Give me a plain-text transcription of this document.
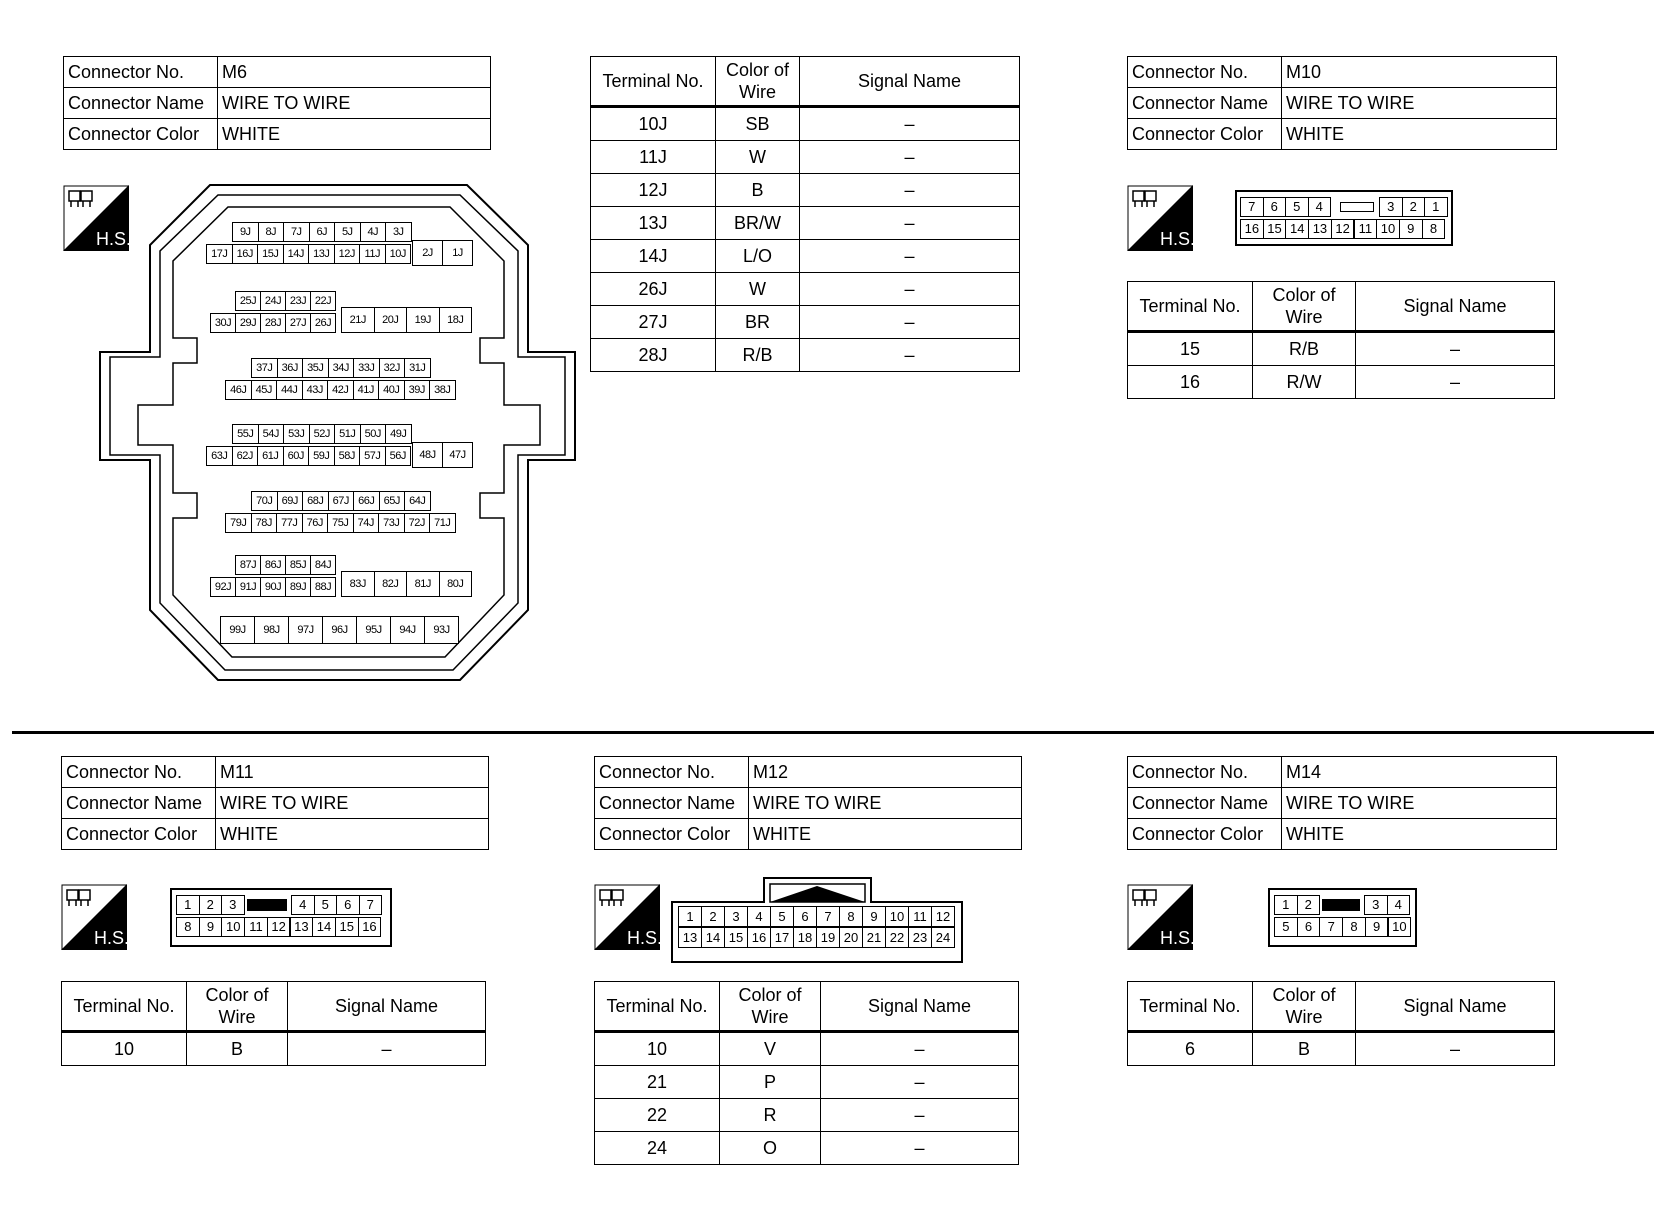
Connector No.	M6
Connector Name	WIRE TO WIRE
Connector Color	WHITE
H.S.	9J	8J	7J	6J	5J	4J	3J
17J 16J 15J 14J 13J 12J 11J 10J	2J	1J
25J 24J 23J 22J
30J 29J 28J 27J 26J	21J	20J	19J	18J
37J 36J 35J 34J 33J 32J 31J
46J 45J 44J 43J 42J 41J 40J 39J 38J
55J 54J 53J 52J 51J 50J 49J
63J 62J 61J 60J 59J 58J 57J 56J	48J	47J
70J 69J 68J 67J 66J 65J 64J
79J 78J 77J 76J 75J 74J 73J 72J 71J
87J 86J 85J 84J
92J 91J 90J 89J 88J	83J	82J	81J	80J
99J	98J	97J	96J	95J	94J	93J
Terminal No.	Color of Wire	Signal Name
10J	SB	–
11J	W	–
12J	B	–
13J	BR/W	–
14J	L/O	–
26J	W	–
27J	BR	–
28J	R/B	–
Connector No.	M10
Connector Name	WIRE TO WIRE
Connector Color	WHITE
H.S.
7	6	5	4	3	2	1
16 15 14 13 12 11 10 9	8
Terminal No.	Color of Wire	Signal Name
15	R/B	–
16	R/W	–
Connector No.	M11
Connector Name	WIRE TO WIRE
Connector Color	WHITE
H.S.
1	2	3	4	5	6	7
8	9 10 11 12 13 14 15 16
Terminal No.	Color of Wire	Signal Name
10	B	–
Connector No.	M12
Connector Name	WIRE TO WIRE
Connector Color	WHITE
H.S.
1	2	3	4	5	6	7	8	9 10 11 12
13 14 15 16 17 18 19 20 21 22 23 24
Terminal No.	Color of Wire	Signal Name
10	V	–
21	P	–
22	R	–
24	O	–
Connector No.	M14
Connector Name	WIRE TO WIRE
Connector Color	WHITE
H.S.
1	2	3	4
5	6	7	8	9 10
Terminal No.	Color of Wire	Signal Name
6	B	–
